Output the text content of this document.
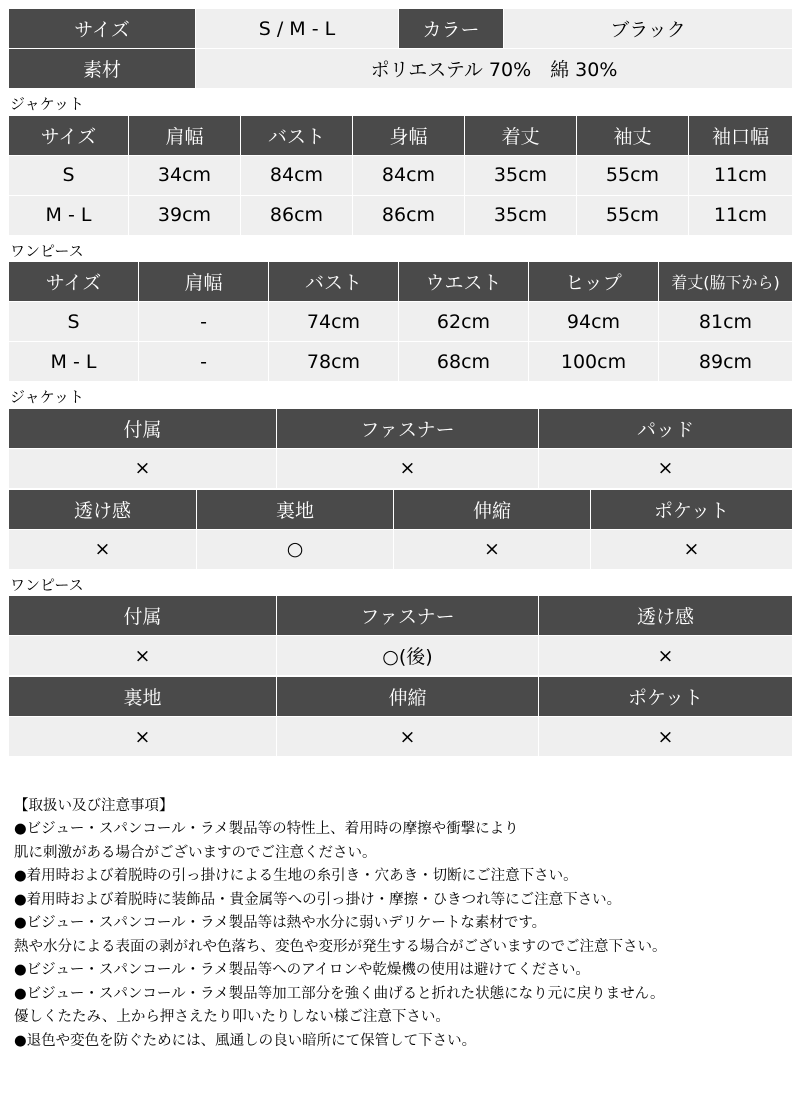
サイズ	S / M - L	カラー	ブラック
素材	ポリエステル 70%　綿 30%		
ジャケット
サイズ	肩幅	バスト	身幅	着丈	袖丈	袖口幅
S	34cm	84cm	84cm	35cm	55cm	11cm
M - L	39cm	86cm	86cm	35cm	55cm	11cm
ワンピース
サイズ	肩幅	バスト	ウエスト	ヒップ	着丈(脇下から)
S	-	74cm	62cm	94cm	81cm
M - L	-	78cm	68cm	100cm	89cm
ジャケット
付属	ファスナー	パッド
×	×	×
透け感	裏地	伸縮	ポケット
×	○	×	×
ワンピース
付属	ファスナー	透け感
×	○(後)	×
裏地	伸縮	ポケット
×	×	×
【取扱い及び注意事項】
●ビジュー・スパンコール・ラメ製品等の特性上、着用時の摩擦や衝撃により
肌に刺激がある場合がございますのでご注意ください。
●着用時および着脱時の引っ掛けによる生地の糸引き・穴あき・切断にご注意下さい。
●着用時および着脱時に装飾品・貴金属等への引っ掛け・摩擦・ひきつれ等にご注意下さい。
●ビジュー・スパンコール・ラメ製品等は熱や水分に弱いデリケートな素材です。
熱や水分による表面の剥がれや色落ち、変色や変形が発生する場合がございますのでご注意下さい。
●ビジュー・スパンコール・ラメ製品等へのアイロンや乾燥機の使用は避けてください。
●ビジュー・スパンコール・ラメ製品等加工部分を強く曲げると折れた状態になり元に戻りません。
優しくたたみ、上から押さえたり叩いたりしない様ご注意下さい。
●退色や変色を防ぐためには、風通しの良い暗所にて保管して下さい。
